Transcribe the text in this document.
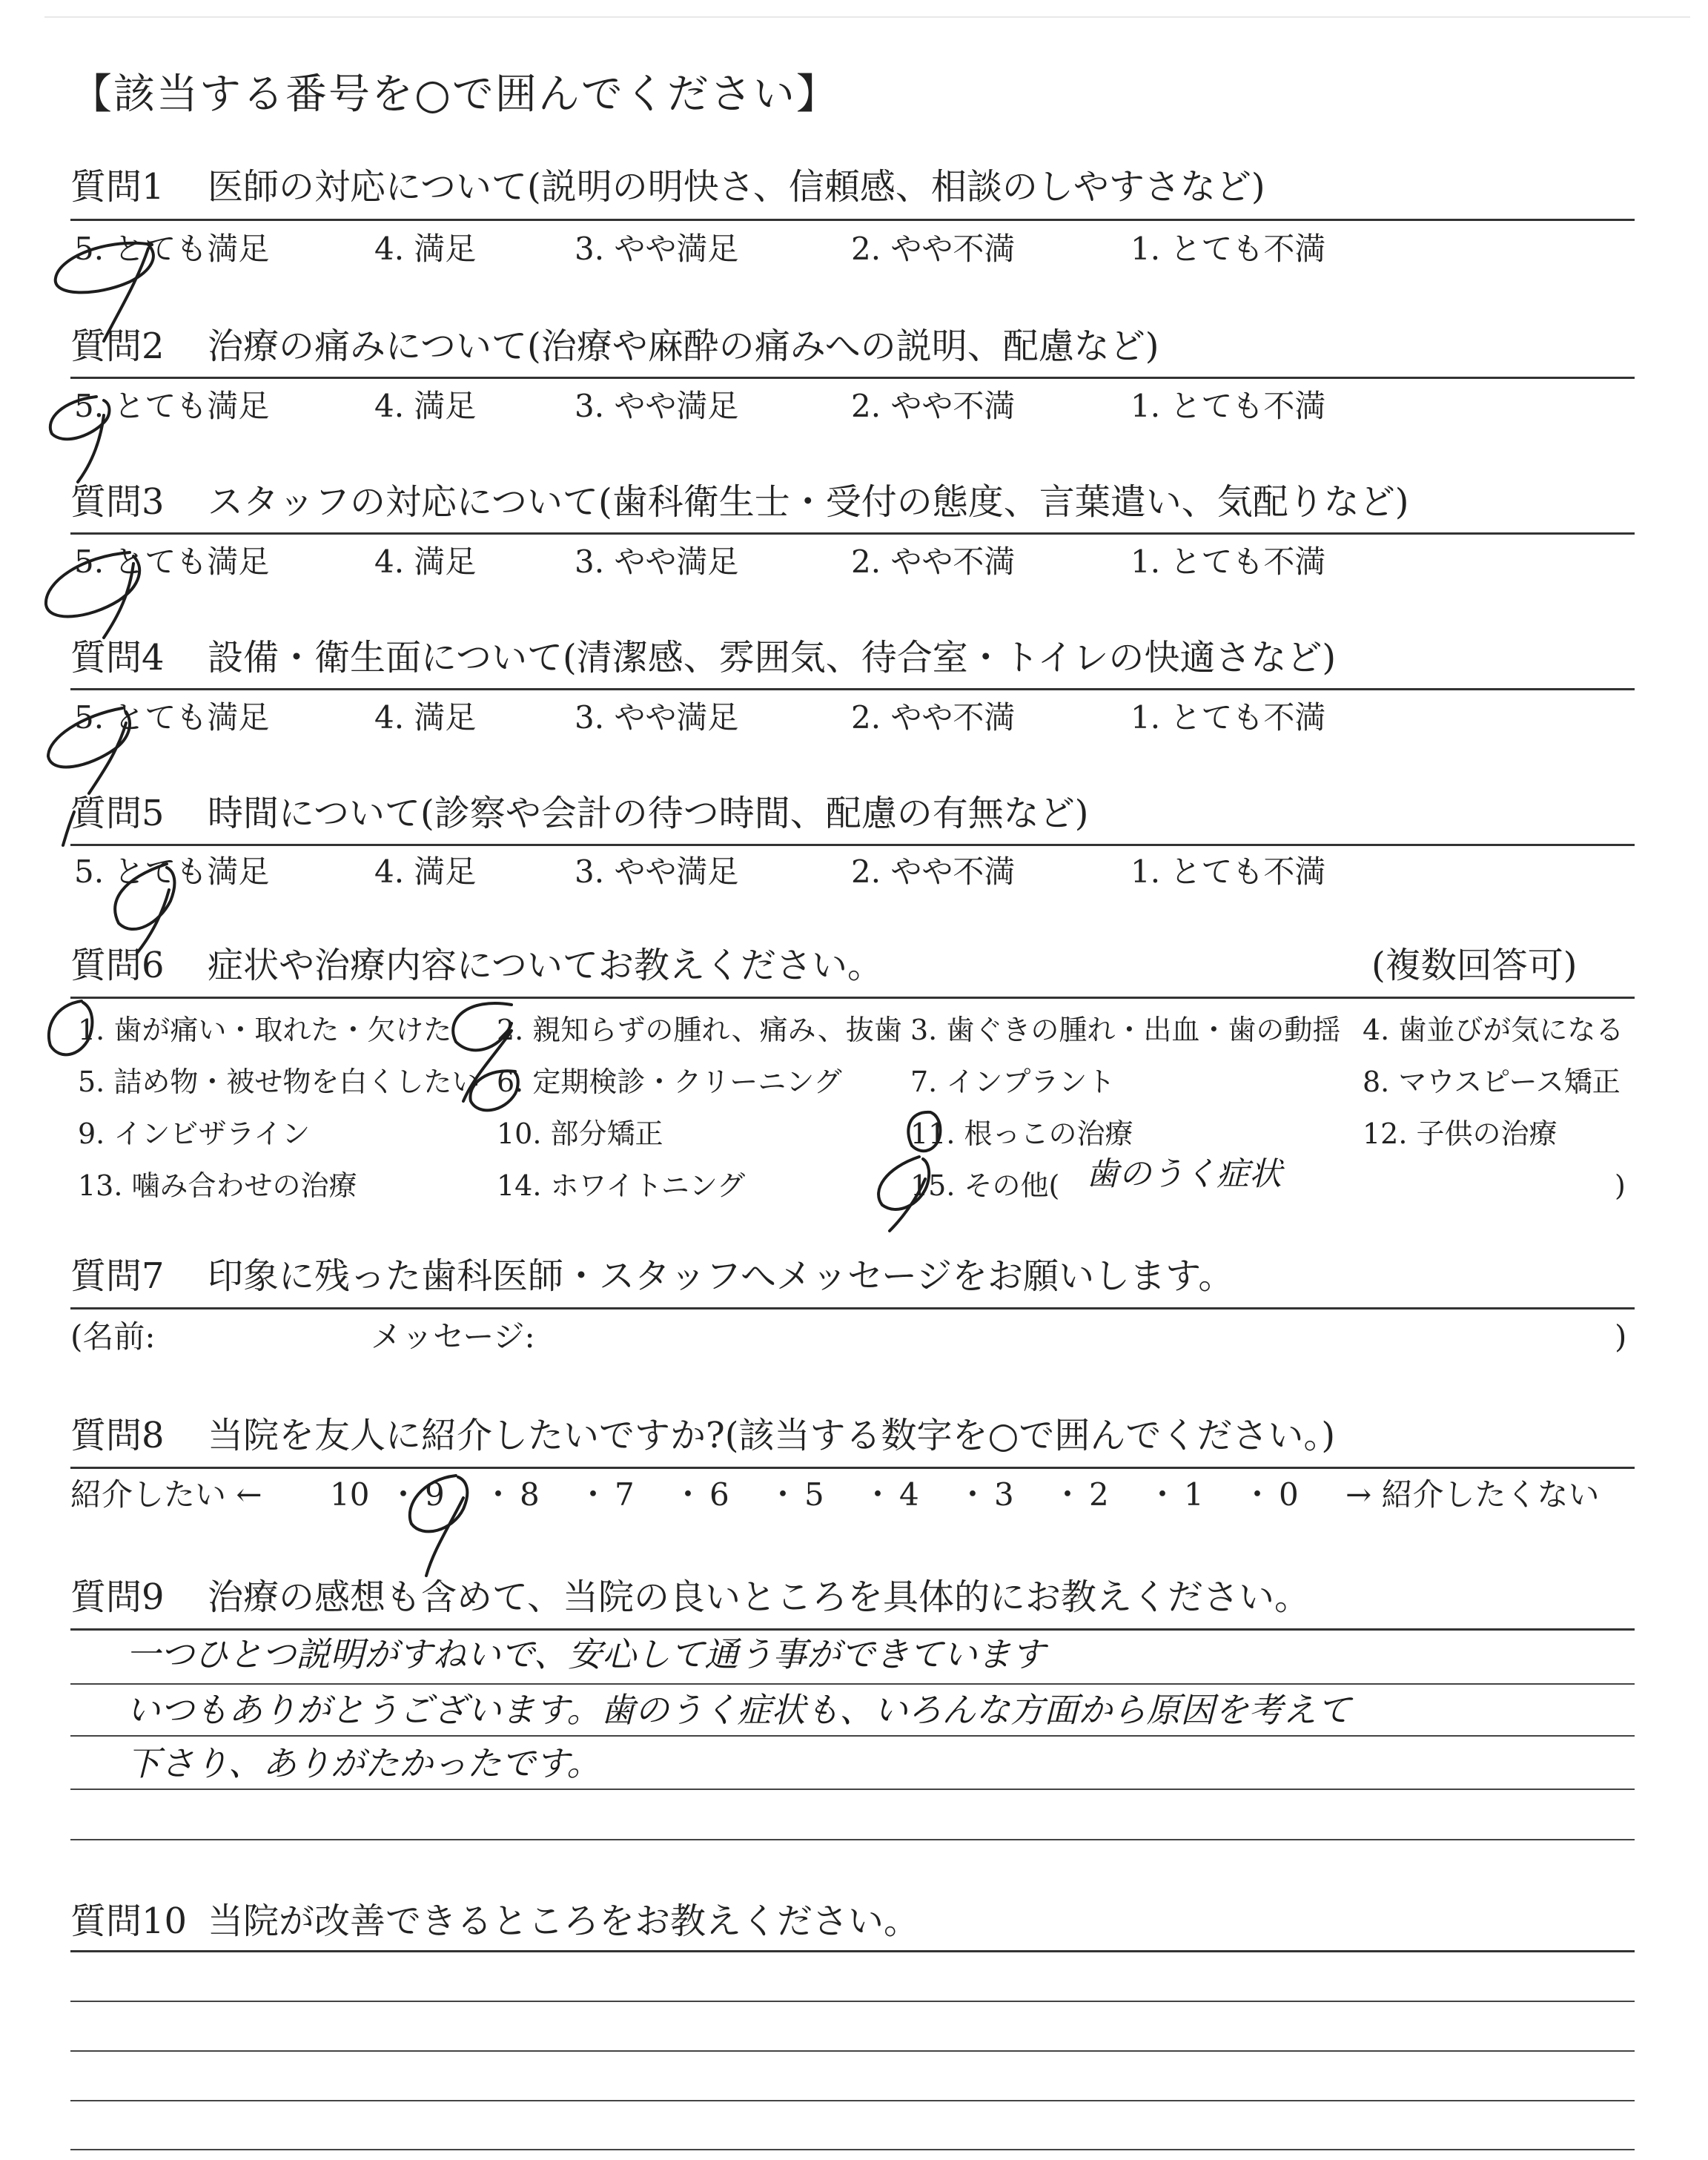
【該当する番号を○で囲んでください】
質問1 医師の対応について(説明の明快さ、信頼感、相談のしやすさなど)
5. とても満足	4. 満足	3. やや満足	2. やや不満	1. とても不満
質問2 治療の痛みについて(治療や麻酔の痛みへの説明、配慮など)
5. とても満足	4. 満足	3. やや満足	2. やや不満	1. とても不満
質問3 スタッフの対応について(歯科衛生士・受付の態度、言葉遣い、気配りなど)
5. とても満足	4. 満足	3. やや満足	2. やや不満	1. とても不満
質問4 設備・衛生面について(清潔感、雰囲気、待合室・トイレの快適さなど)
5. とても満足	4. 満足	3. やや満足	2. やや不満	1. とても不満
質問5 時間について(診察や会計の待つ時間、配慮の有無など)
5. とても満足	4. 満足	3. やや満足	2. やや不満	1. とても不満
質問6 症状や治療内容についてお教えください。	(複数回答可)
1. 歯が痛い・取れた・欠けた 2. 親知らずの腫れ、痛み、抜歯 3. 歯ぐきの腫れ・出血・歯の動揺 4. 歯並びが気になる
5. 詰め物・被せ物を白くしたい 6. 定期検診・クリーニング 7. インプラント	8. マウスピース矯正
9. インビザライン	10. 部分矯正	11. 根っこの治療	12. 子供の治療
13. 噛み合わせの治療	14. ホワイトニング	15. その他( 歯のうく症状	)
質問7 印象に残った歯科医師・スタッフへメッセージをお願いします。
(名前:	メッセージ:	)
質問8 当院を友人に紹介したいですか?(該当する数字を○で囲んでください。)
紹介したい ← 10 ・ 9 ・ 8 ・ 7 ・ 6 ・ 5 ・ 4 ・ 3 ・ 2 ・ 1 ・ 0 → 紹介したくない
質問9 治療の感想も含めて、当院の良いところを具体的にお教えください。
一つひとつ説明がすねいで、安心して通う事ができています
いつもありがとうございます。歯のうく症状も、いろんな方面から原因を考えて
下さり、ありがたかったです。
質問10 当院が改善できるところをお教えください。
